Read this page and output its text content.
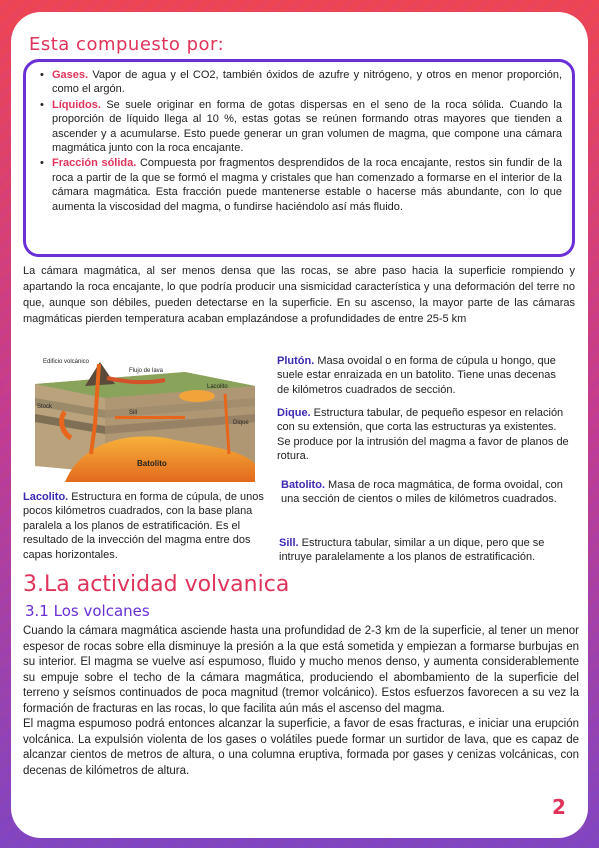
Esta compuesto por:
• Gases. Vapor de agua y el CO2, también óxidos de azufre y nitrógeno, y otros en menor proporción, como el argón.
• Líquidos. Se suele originar en forma de gotas dispersas en el seno de la roca sólida. Cuando la proporción de líquido llega al 10 %, estas gotas se reúnen formando otras mayores que tienden a ascender y a acumularse. Esto puede generar un gran volumen de magma, que compone una cámara magmática junto con la roca encajante.
• Fracción sólida. Compuesta por fragmentos desprendidos de la roca encajante, restos sin fundir de la roca a partir de la que se formó el magma y cristales que han comenzado a formarse en el interior de la cámara magmática. Esta fracción puede mantenerse estable o hacerse más abundante, con lo que aumenta la viscosidad del magma, o fundirse haciéndolo así más fluido.

La cámara magmática, al ser menos densa que las rocas, se abre paso hacia la superficie rompiendo y apartando la roca encajante, lo que podría producir una sismicidad característica y una deformación del terre no que, aunque son débiles, pueden detectarse en la superficie. En su ascenso, la mayor parte de las cámaras magmáticas pierden temperatura acaban emplazándose a profundidades de entre 25-5 km

Edificio volcánico
Flujo de lava
Lacolito
Stock
Sill
Dique
Batolito

Lacolito. Estructura en forma de cúpula, de unos pocos kilómetros cuadrados, con la base plana paralela a los planos de estratificación. Es el resultado de la invección del magma entre dos capas horizontales.

Plutón. Masa ovoidal o en forma de cúpula u hongo, que suele estar enraizada en un batolito. Tiene unas decenas de kilómetros cuadrados de sección.

Dique. Estructura tabular, de pequeño espesor en relación con su extensión, que corta las estructuras ya existentes. Se produce por la intrusión del magma a favor de planos de rotura.

Batolito. Masa de roca magmática, de forma ovoidal, con una sección de cientos o miles de kilómetros cuadrados.

Sill. Estructura tabular, similar a un dique, pero que se intruye paralelamente a los planos de estratificación.

3.La actividad volvanica
3.1 Los volcanes

Cuando la cámara magmática asciende hasta una profundidad de 2-3 km de la superficie, al tener un menor espesor de rocas sobre ella disminuye la presión a la que está sometida y empiezan a formarse burbujas en su interior. El magma se vuelve así espumoso, fluido y mucho menos denso, y aumenta considerablemente su empuje sobre el techo de la cámara magmática, produciendo el abombamiento de la superficie del terreno y seísmos continuados de poca magnitud (tremor volcánico). Estos esfuerzos favorecen a su vez la formación de fracturas en las rocas, lo que facilita aún más el ascenso del magma.

El magma espumoso podrá entonces alcanzar la superficie, a favor de esas fracturas, e iniciar una erupción volcánica. La expulsión violenta de los gases o volátiles puede formar un surtidor de lava, que es capaz de alcanzar cientos de metros de altura, o una columna eruptiva, formada por gases y cenizas volcánicas, con decenas de kilómetros de altura.

2
